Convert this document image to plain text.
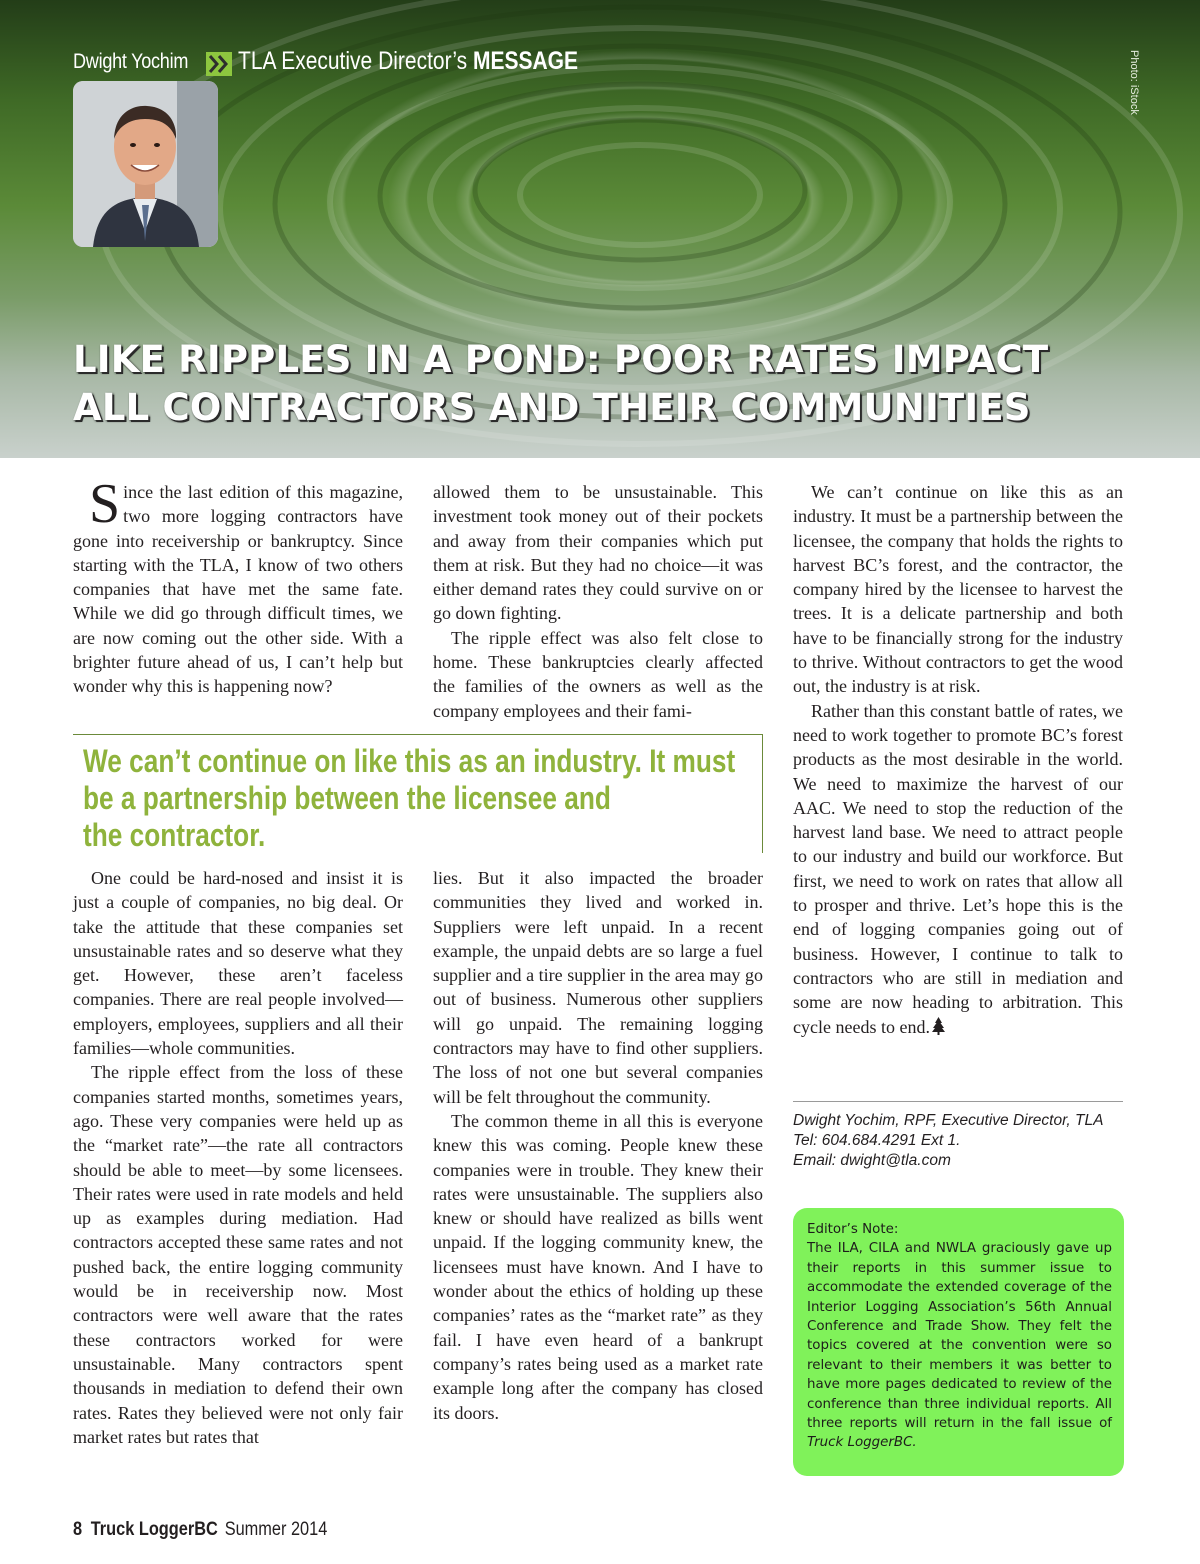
Dwight Yochim TLA Executive Director’s MESSAGE	Photo: iStock
LIKE RIPPLES IN A POND: POOR RATES IMPACT
ALL CONTRACTORS AND THEIR COMMUNITIES

Since the last edition of this magazine, two more logging contractors have gone into receivership or bankruptcy. Since starting with the TLA, I know of two others companies that have met the same fate. While we did go through difficult times, we are now coming out the other side. With a brighter future ahead of us, I can’t help but wonder why this is happening now?

allowed them to be unsustainable. This investment took money out of their pockets and away from their companies which put them at risk. But they had no choice—it was either demand rates they could survive on or go down fighting.

The ripple effect was also felt close to home. These bankruptcies clearly affected the families of the owners as well as the company employees and their fami-

We can’t continue on like this as an industry. It must be a partnership between the licensee, the company that holds the rights to harvest BC’s forest, and the contractor, the company hired by the licensee to harvest the trees. It is a delicate partnership and both have to be financially strong for the industry to thrive. Without contractors to get the wood out, the industry is at risk.

Rather than this constant battle of rates, we need to work together to promote BC’s forest products as the most desirable in the world. We need to maximize the harvest of our AAC. We need to stop the reduction of the harvest land base. We need to attract people to our industry and build our workforce. But first, we need to work on rates that allow all to prosper and thrive. Let’s hope this is the end of logging companies going out of business. However, I continue to talk to contractors who are still in mediation and some are now heading to arbitration. This cycle needs to end.

We can’t continue on like this as an industry. It must
be a partnership between the licensee and
the contractor.

One could be hard-nosed and insist it is just a couple of companies, no big deal. Or take the attitude that these companies set unsustainable rates and so deserve what they get. However, these aren’t faceless companies. There are real people involved—employers, employees, suppliers and all their families—whole communities.

The ripple effect from the loss of these companies started months, sometimes years, ago. These very companies were held up as the “market rate”—the rate all contractors should be able to meet—by some licensees. Their rates were used in rate models and held up as examples during mediation. Had contractors accepted these same rates and not pushed back, the entire logging community would be in receivership now. Most contractors were well aware that the rates these contractors worked for were unsustainable. Many contractors spent thousands in mediation to defend their own rates. Rates they believed were not only fair market rates but rates that

lies. But it also impacted the broader communities they lived and worked in. Suppliers were left unpaid. In a recent example, the unpaid debts are so large a fuel supplier and a tire supplier in the area may go out of business. Numerous other suppliers will go unpaid. The remaining logging contractors may have to find other suppliers. The loss of not one but several companies will be felt throughout the community.

The common theme in all this is everyone knew this was coming. People knew these companies were in trouble. They knew their rates were unsustainable. The suppliers also knew or should have realized as bills went unpaid. If the logging community knew, the licensees must have known. And I have to wonder about the ethics of holding up these companies’ rates as the “market rate” as they fail. I have even heard of a bankrupt company’s rates being used as a market rate example long after the company has closed its doors.

Dwight Yochim, RPF, Executive Director, TLA
Tel: 604.684.4291 Ext 1.
Email: dwight@tla.com
Editor’s Note:
The ILA, CILA and NWLA graciously gave up their reports in this summer issue to accommodate the extended coverage of the Interior Logging Association’s 56th Annual Conference and Trade Show. They felt the topics covered at the convention were so relevant to their members it was better to have more pages dedicated to review of the conference than three individual reports. All three reports will return in the fall issue of Truck LoggerBC.
8 Truck LoggerBC Summer 2014
